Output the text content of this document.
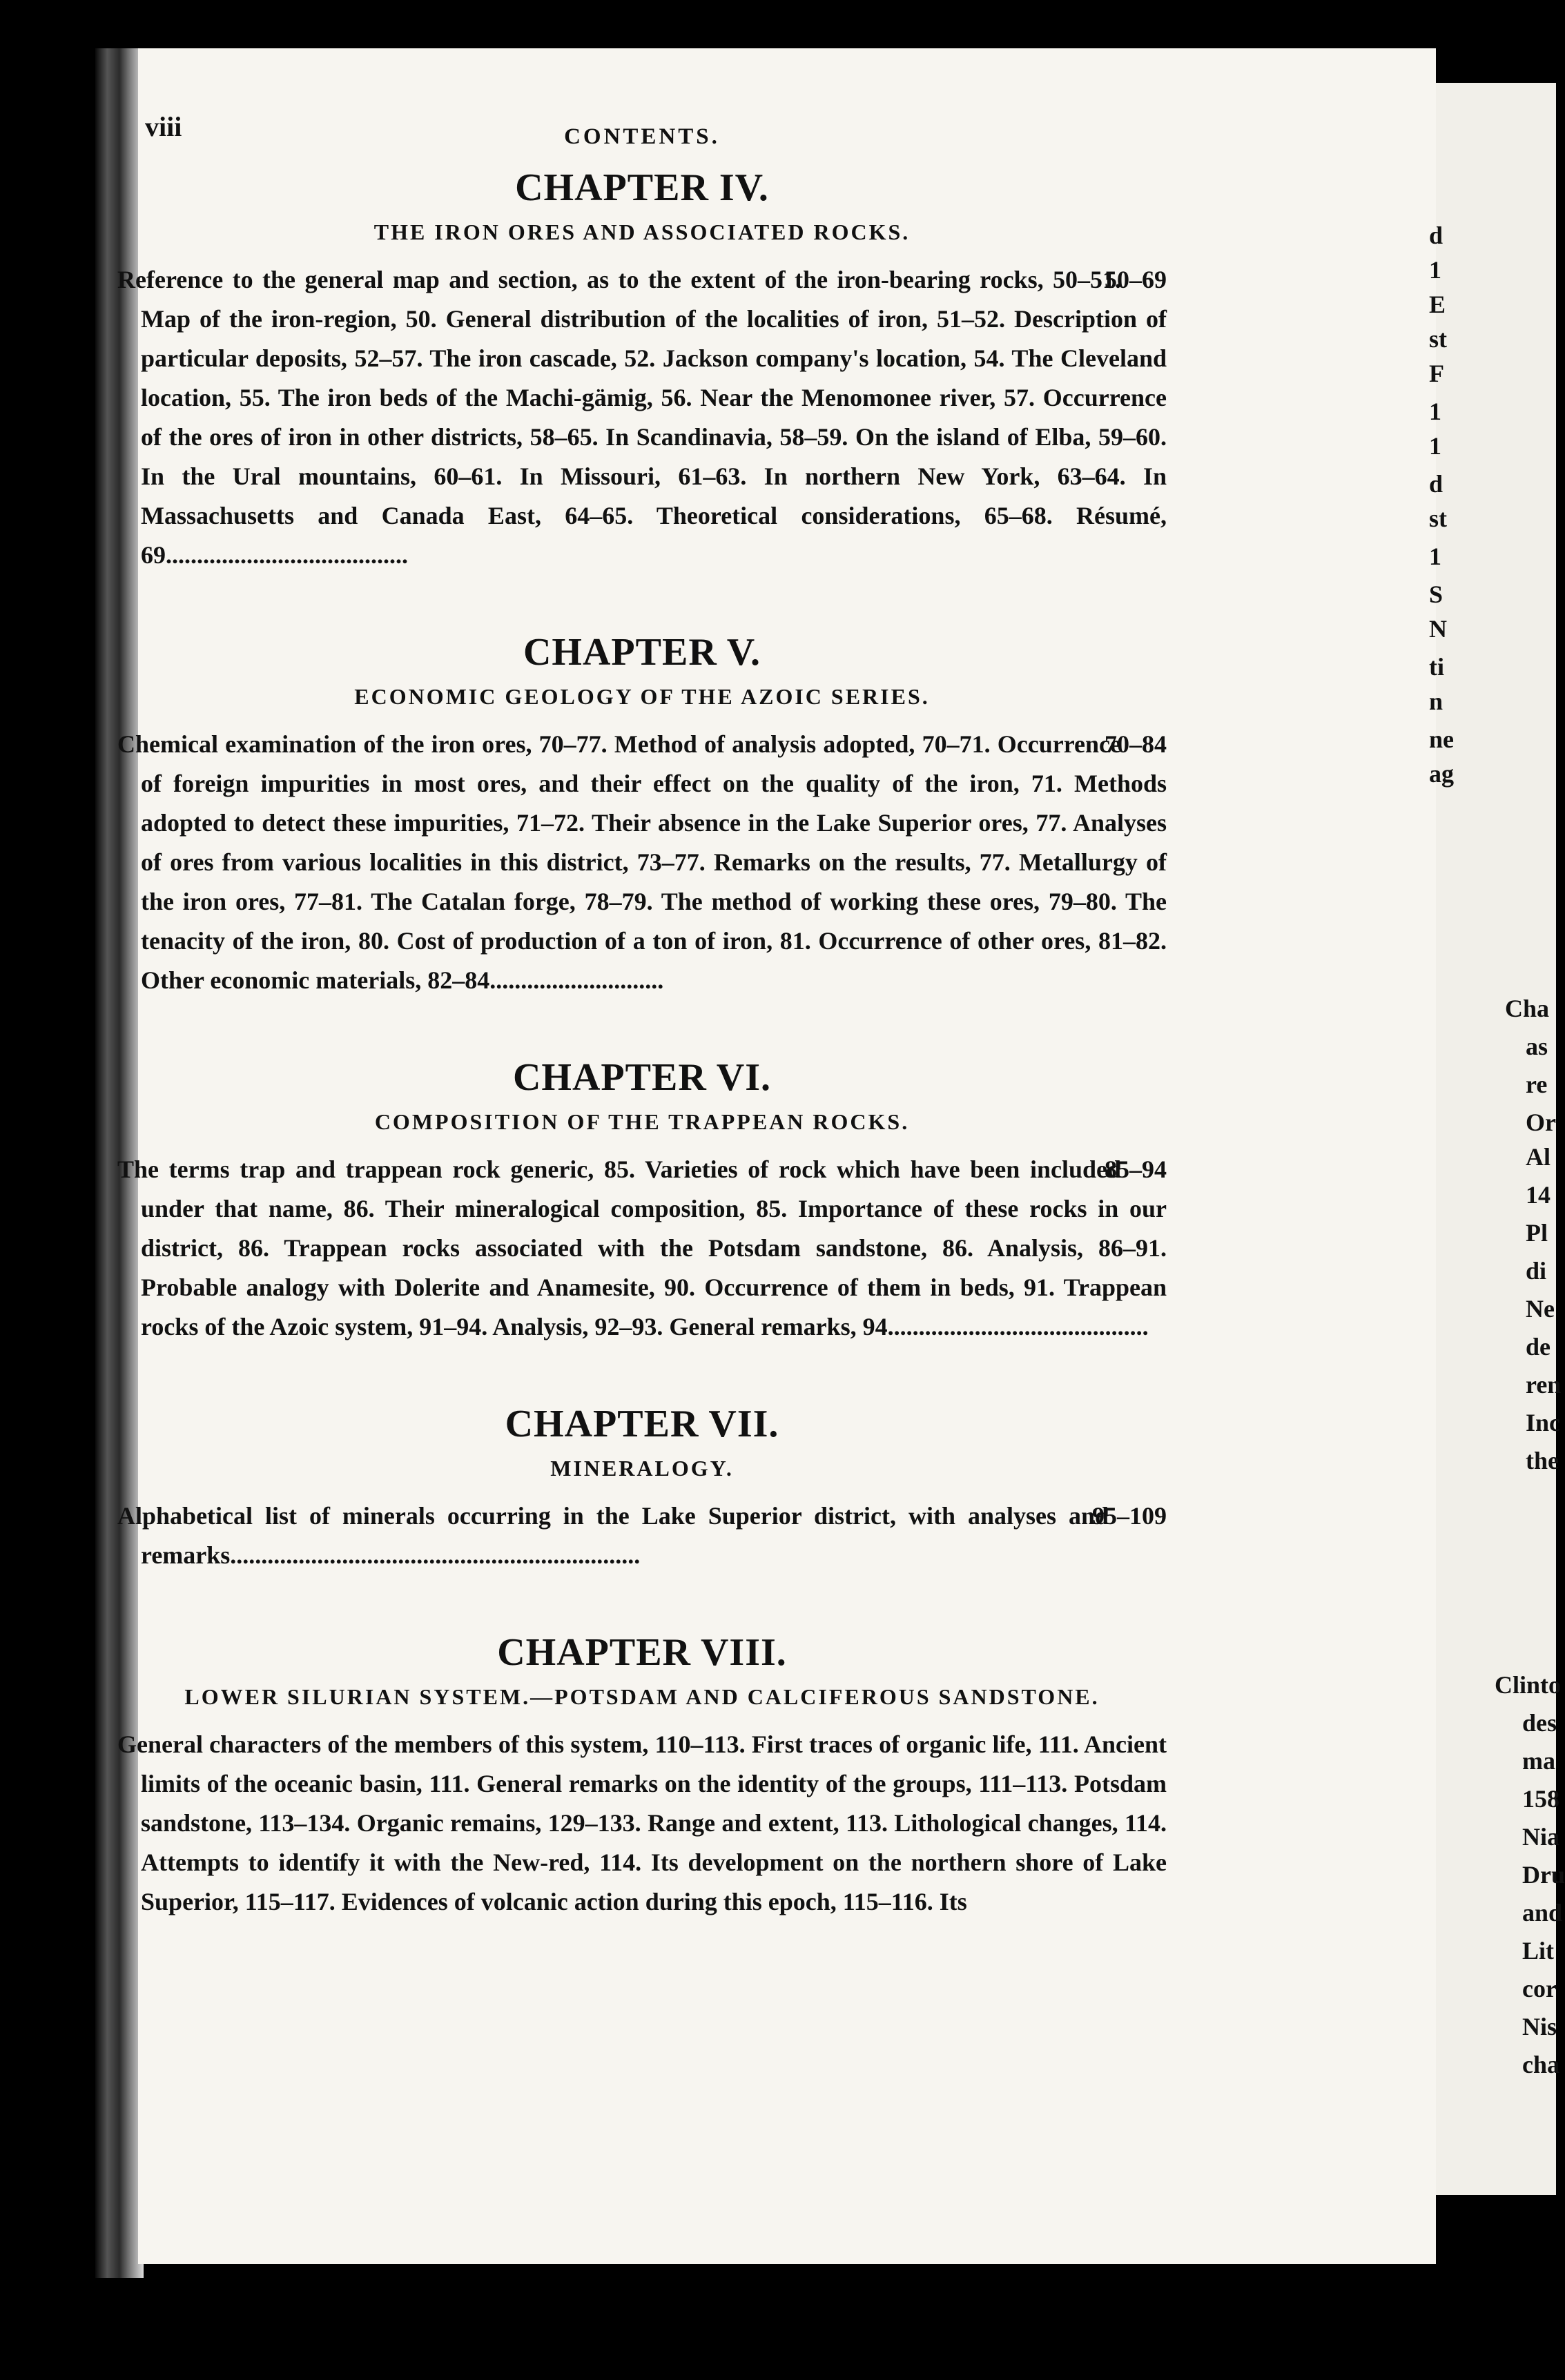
viii	CONTENTS.
CHAPTER IV.
THE IRON ORES AND ASSOCIATED ROCKS.
50–69
Reference to the general map and section, as to the extent of the iron-bearing rocks, 50–51. Map of the iron-region, 50. General distribution of the localities of iron, 51–52. Description of particular deposits, 52–57. The iron cascade, 52. Jackson company's location, 54. The Cleveland location, 55. The iron beds of the Machi-gämig, 56. Near the Menomonee river, 57. Occurrence of the ores of iron in other districts, 58–65. In Scandinavia, 58–59. On the island of Elba, 59–60. In the Ural mountains, 60–61. In Missouri, 61–63. In northern New York, 63–64. In Massachusetts and Canada East, 64–65. Theoretical considerations, 65–68. Résumé, 69.......................................
CHAPTER V.
ECONOMIC GEOLOGY OF THE AZOIC SERIES.
70–84
Chemical examination of the iron ores, 70–77. Method of analysis adopted, 70–71. Occurrence of foreign impurities in most ores, and their effect on the quality of the iron, 71. Methods adopted to detect these impurities, 71–72. Their absence in the Lake Superior ores, 77. Analyses of ores from various localities in this district, 73–77. Remarks on the results, 77. Metallurgy of the iron ores, 77–81. The Catalan forge, 78–79. The method of working these ores, 79–80. The tenacity of the iron, 80. Cost of production of a ton of iron, 81. Occurrence of other ores, 81–82. Other economic materials, 82–84............................
CHAPTER VI.
COMPOSITION OF THE TRAPPEAN ROCKS.
85–94
The terms trap and trappean rock generic, 85. Varieties of rock which have been included under that name, 86. Their mineralogical composition, 85. Importance of these rocks in our district, 86. Trappean rocks associated with the Potsdam sandstone, 86. Analysis, 86–91. Probable analogy with Dolerite and Anamesite, 90. Occurrence of them in beds, 91. Trappean rocks of the Azoic system, 91–94. Analysis, 92–93. General remarks, 94..........................................
CHAPTER VII.
MINERALOGY.
95–109
Alphabetical list of minerals occurring in the Lake Superior district, with analyses and remarks..................................................................
CHAPTER VIII.
LOWER SILURIAN SYSTEM.—POTSDAM AND CALCIFEROUS SANDSTONE.
General characters of the members of this system, 110–113. First traces of organic life, 111. Ancient limits of the oceanic basin, 111. General remarks on the identity of the groups, 111–113. Potsdam sandstone, 113–134. Organic remains, 129–133. Range and extent, 113. Lithological changes, 114. Attempts to identify it with the New-red, 114. Its development on the northern shore of Lake Superior, 115–117. Evidences of volcanic action during this epoch, 115–116. Its
d
1
E
st
F
1
1
d
st
1
S
N
ti
n
ne
ag
Cha
as
re
Or
Al
14
Pl
di
Ne
de
ren
Inc
the
Clinto
des
ma
158
Nia
Dru
and
Lit
cor
Nis
cha
